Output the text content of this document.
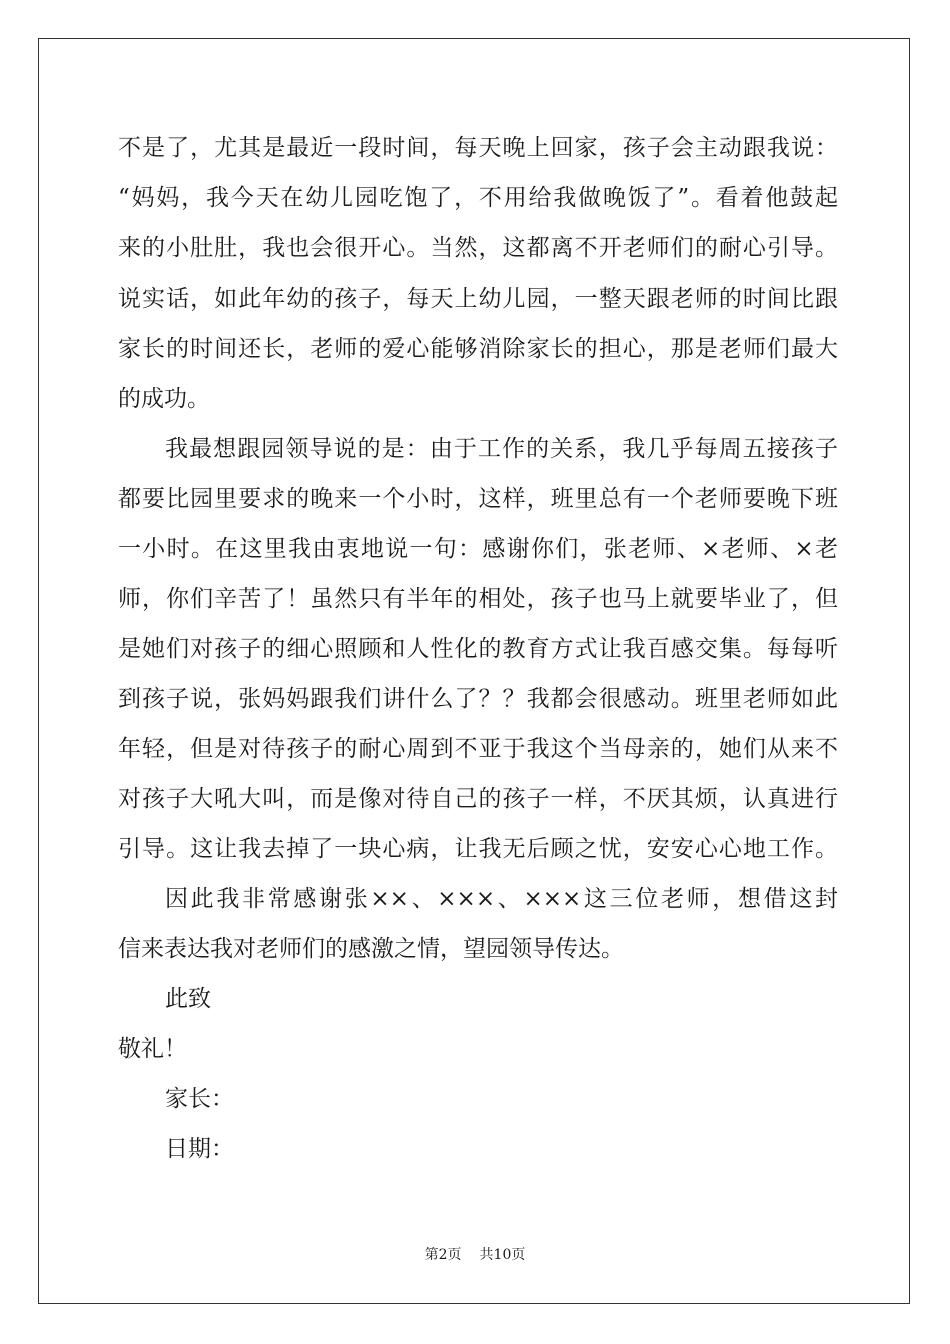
不是了，尤其是最近一段时间，每天晚上回家，孩子会主动跟我说：
“妈妈，我今天在幼儿园吃饱了，不用给我做晚饭了”。看着他鼓起
来的小肚肚，我也会很开心。当然，这都离不开老师们的耐心引导。
说实话，如此年幼的孩子，每天上幼儿园，一整天跟老师的时间比跟
家长的时间还长，老师的爱心能够消除家长的担心，那是老师们最大
的成功。
我最想跟园领导说的是：由于工作的关系，我几乎每周五接孩子
都要比园里要求的晚来一个小时，这样，班里总有一个老师要晚下班
一小时。在这里我由衷地说一句：感谢你们，张老师、×老师、×老
师，你们辛苦了！虽然只有半年的相处，孩子也马上就要毕业了，但
是她们对孩子的细心照顾和人性化的教育方式让我百感交集。每每听
到孩子说，张妈妈跟我们讲什么了？？我都会很感动。班里老师如此
年轻，但是对待孩子的耐心周到不亚于我这个当母亲的，她们从来不
对孩子大吼大叫，而是像对待自己的孩子一样，不厌其烦，认真进行
引导。这让我去掉了一块心病，让我无后顾之忧，安安心心地工作。
因此我非常感谢张××、×××、×××这三位老师，想借这封
信来表达我对老师们的感激之情，望园领导传达。
此致
敬礼！
家长：
日期：
第2页 共10页
